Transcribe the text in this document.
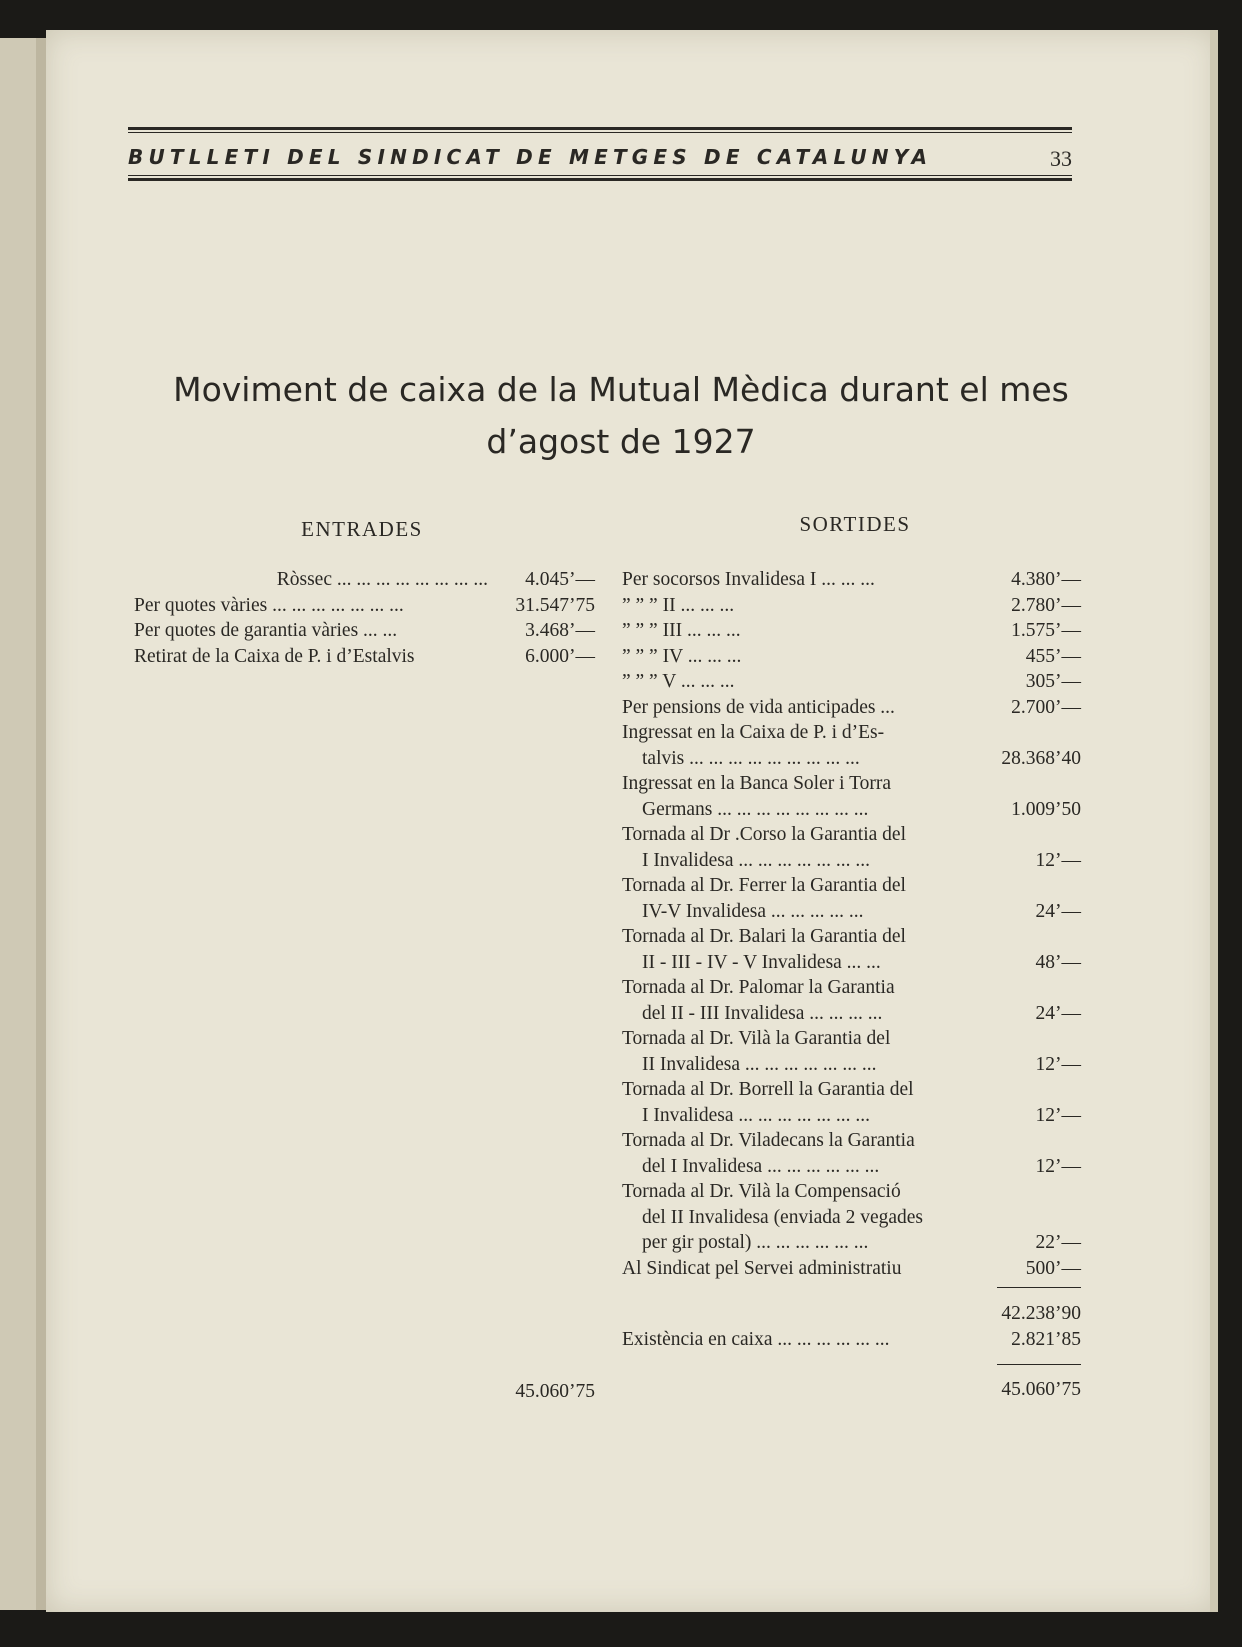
BUTLLETI DEL SINDICAT DE METGES DE CATALUNYA	33
Moviment de caixa de la Mutual Mèdica durant el mes
d’agost de 1927
ENTRADES	SORTIDES
Ròssec ... ... ... ... ... ... ... ...	4.045’—
Per quotes vàries ... ... ... ... ... ... ...	31.547’75
Per quotes de garantia vàries ... ...	3.468’—
Retirat de la Caixa de P. i d’Estalvis	6.000’—
Per socorsos Invalidesa I ... ... ...	4.380’—
” ” ” II ... ... ...	2.780’—
” ” ” III ... ... ...	1.575’—
” ” ” IV ... ... ...	455’—
” ” ” V ... ... ...	305’—
Per pensions de vida anticipades ...	2.700’—
Ingressat en la Caixa de P. i d’Es-
talvis ... ... ... ... ... ... ... ... ...	28.368’40
Ingressat en la Banca Soler i Torra
Germans ... ... ... ... ... ... ... ...	1.009’50
Tornada al Dr .Corso la Garantia del
I Invalidesa ... ... ... ... ... ... ...	12’—
Tornada al Dr. Ferrer la Garantia del
IV-V Invalidesa ... ... ... ... ...	24’—
Tornada al Dr. Balari la Garantia del
II - III - IV - V Invalidesa ... ...	48’—
Tornada al Dr. Palomar la Garantia
del II - III Invalidesa ... ... ... ...	24’—
Tornada al Dr. Vilà la Garantia del
II Invalidesa ... ... ... ... ... ... ...	12’—
Tornada al Dr. Borrell la Garantia del
I Invalidesa ... ... ... ... ... ... ...	12’—
Tornada al Dr. Viladecans la Garantia
del I Invalidesa ... ... ... ... ... ...	12’—
Tornada al Dr. Vilà la Compensació
del II Invalidesa (enviada 2 vegades
per gir postal) ... ... ... ... ... ...	22’—
Al Sindicat pel Servei administratiu	500’—
42.238’90
Existència en caixa ... ... ... ... ... ...	2.821’85
45.060’75
45.060’75
